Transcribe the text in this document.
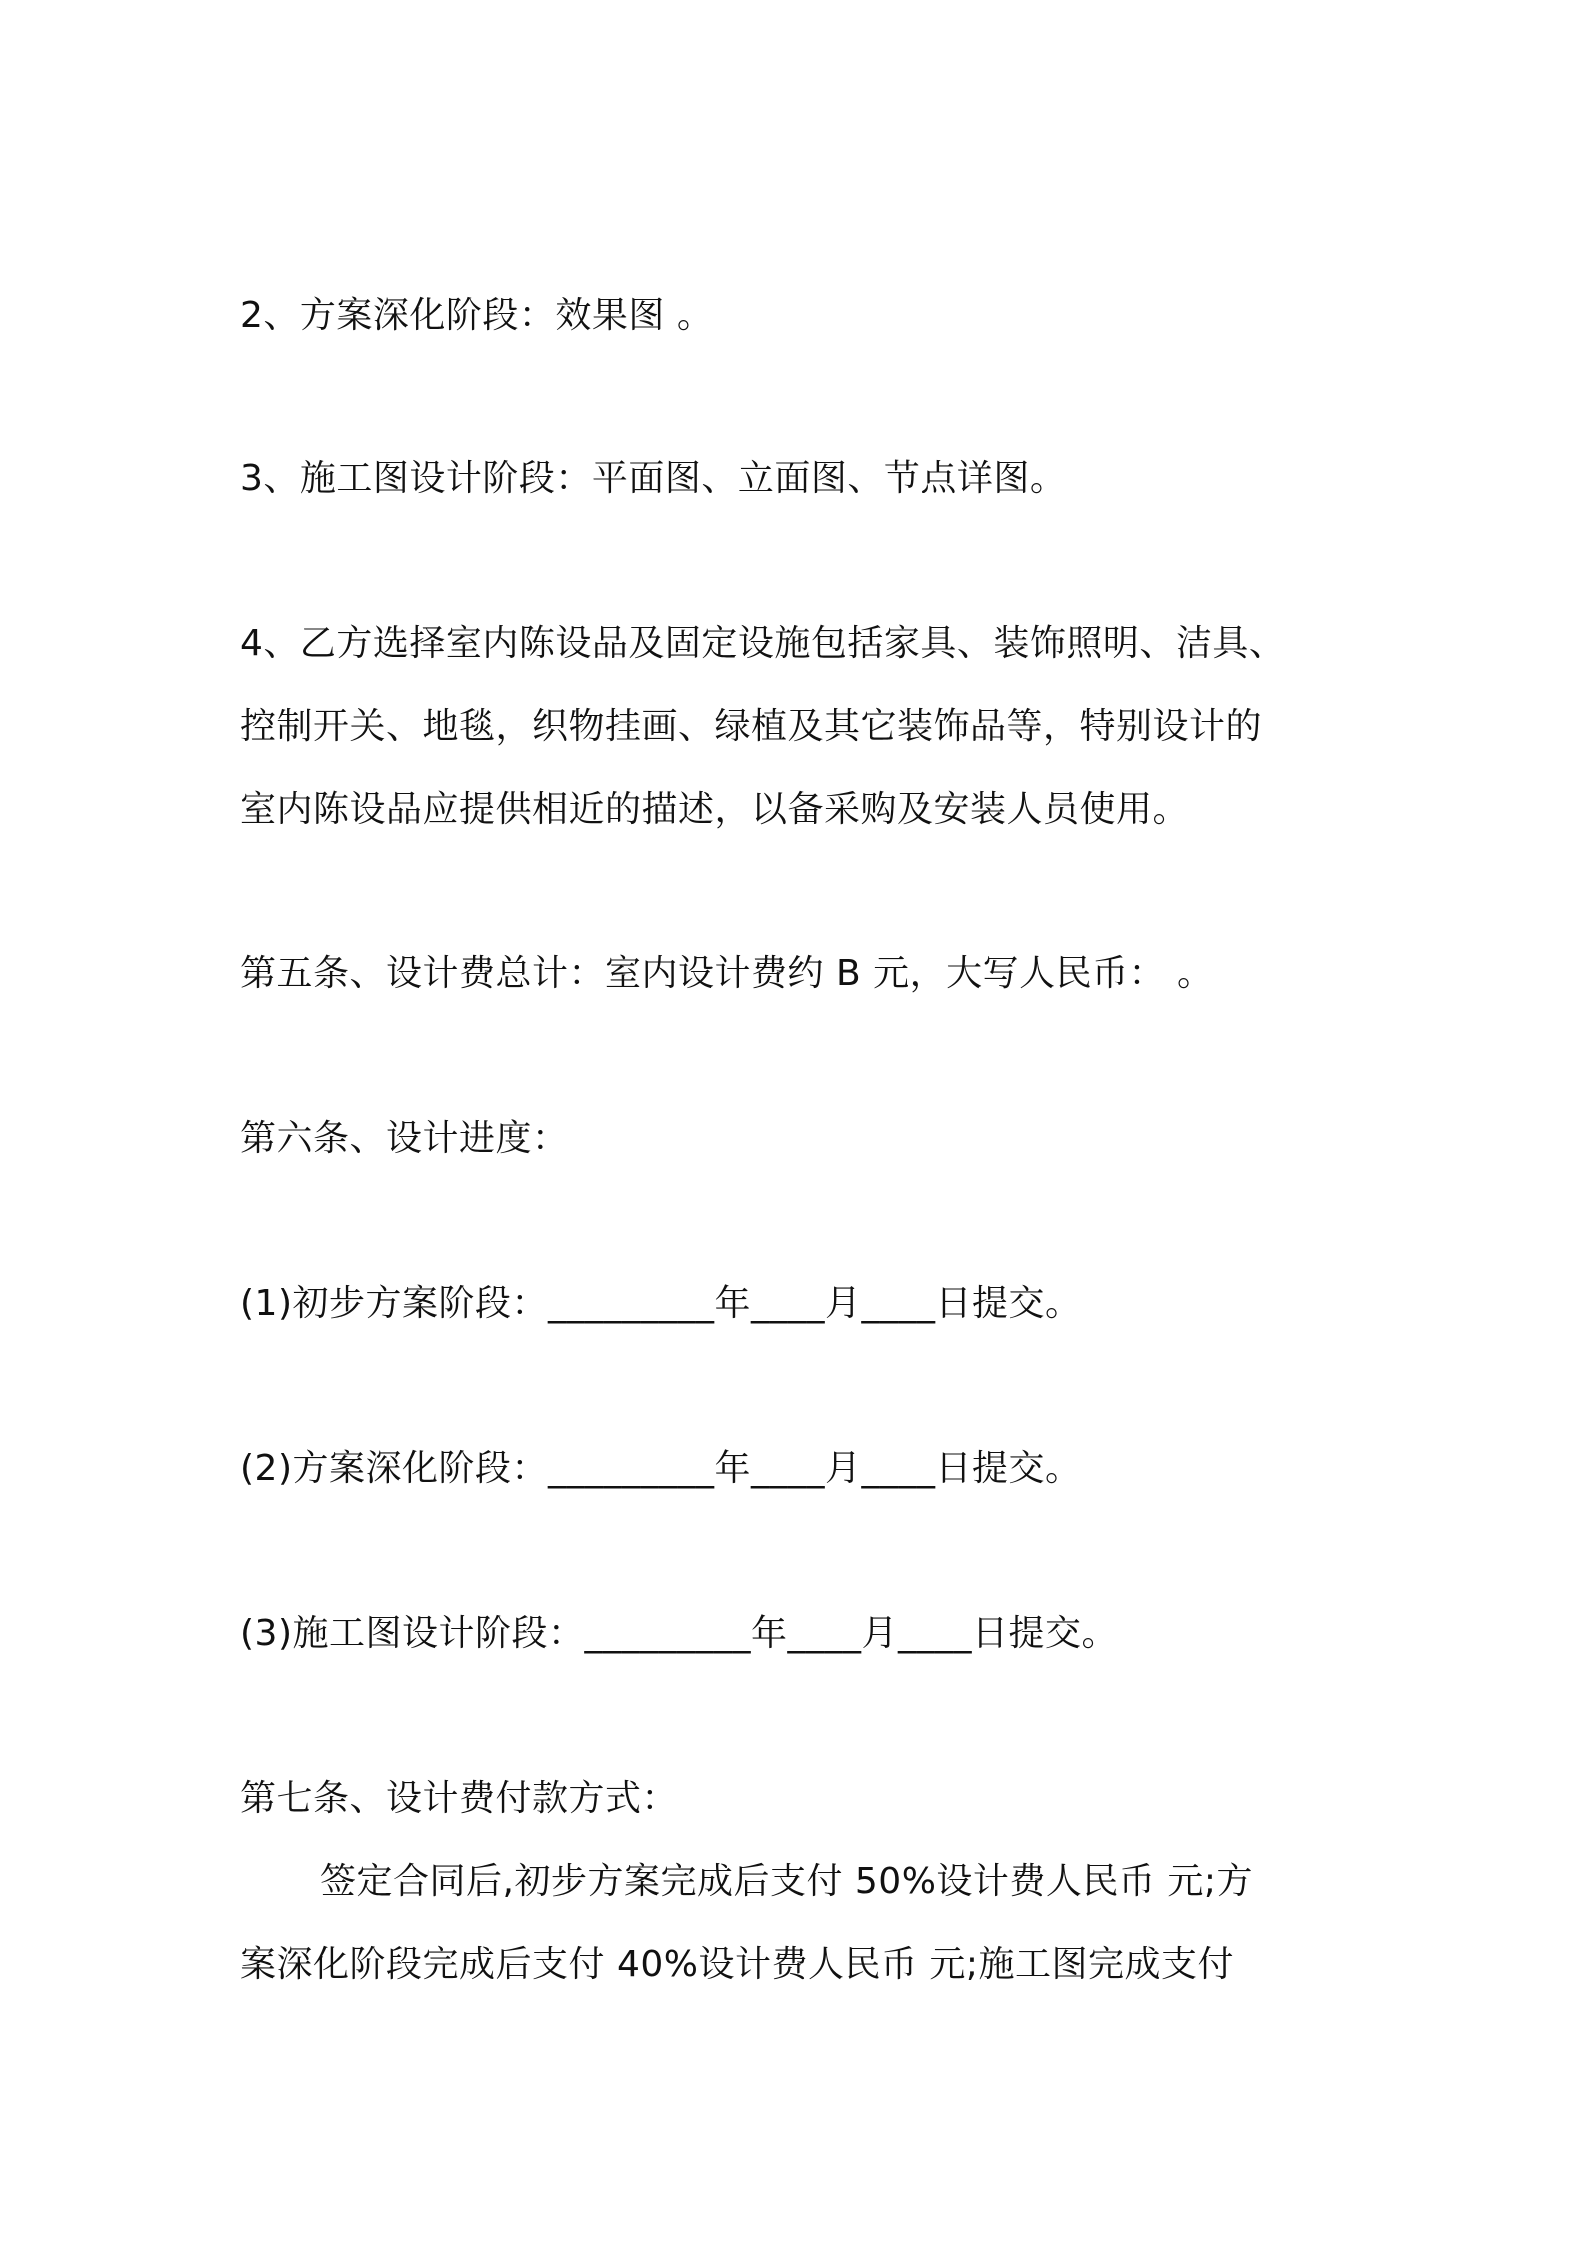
2、方案深化阶段：效果图 。
3、施工图设计阶段：平面图、立面图、节点详图。
4、乙方选择室内陈设品及固定设施包括家具、装饰照明、洁具、
控制开关、地毯，织物挂画、绿植及其它装饰品等，特别设计的
室内陈设品应提供相近的描述，以备采购及安装人员使用。
第五条、设计费总计：室内设计费约 B 元，大写人民币： 。
第六条、设计进度：
(1)初步方案阶段：_________年____月____日提交。
(2)方案深化阶段：_________年____月____日提交。
(3)施工图设计阶段：_________年____月____日提交。
第七条、设计费付款方式：
签定合同后,初步方案完成后支付 50%设计费人民币 元;方
案深化阶段完成后支付 40%设计费人民币 元;施工图完成支付
